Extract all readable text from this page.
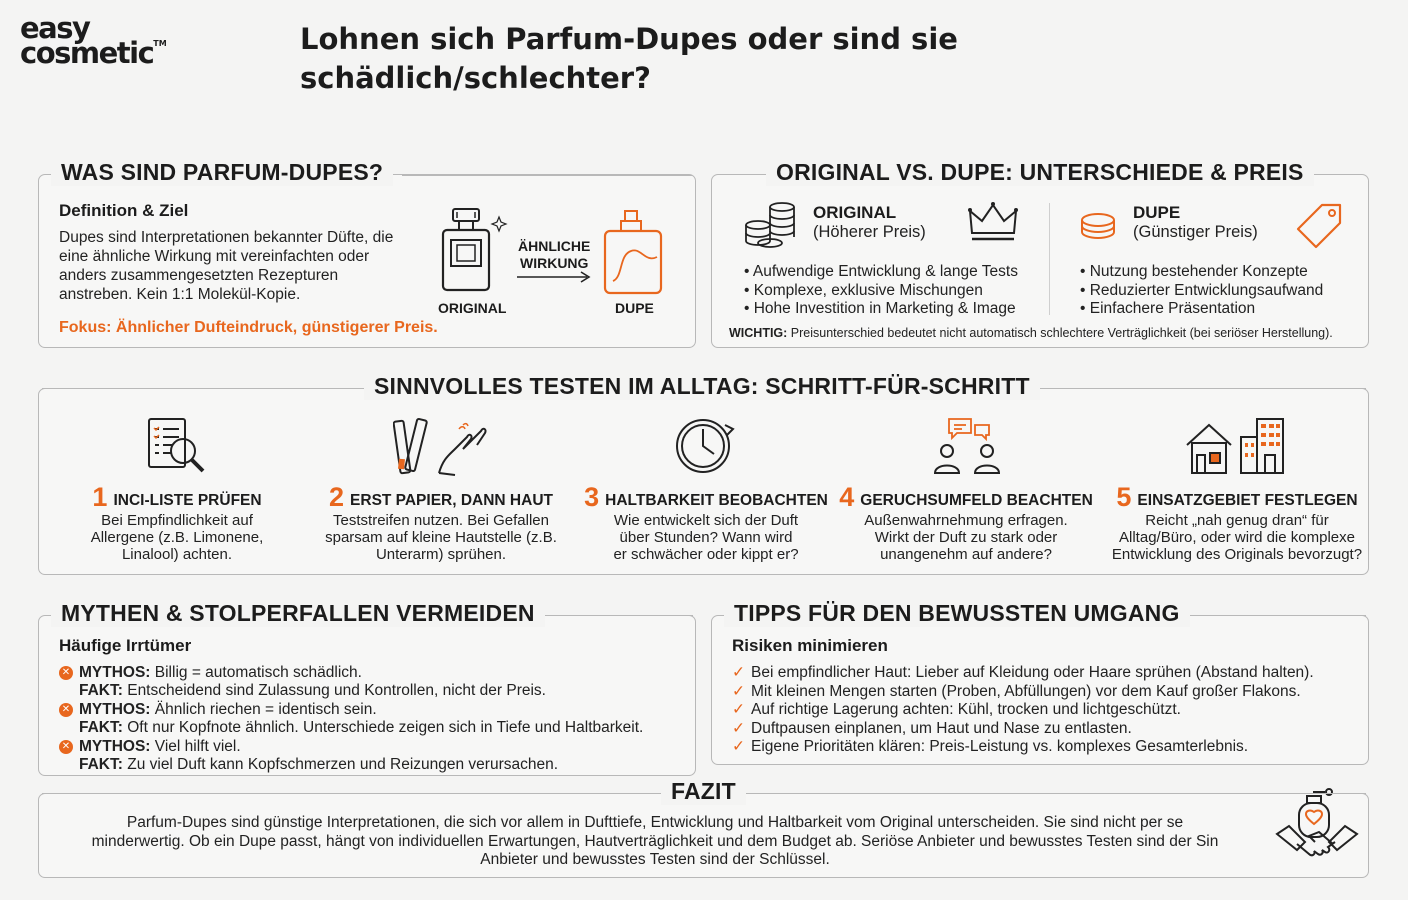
easy
cosmetic™	Lohnen sich Parfum-Dupes oder sind sie schädlich/schlechter?
WAS SIND PARFUM-DUPES?
Definition & Ziel
Dupes sind Interpretationen bekannter Düfte, die eine ähnliche Wirkung mit vereinfachten oder anders zusammengesetzten Rezepturen anstreben. Kein 1:1 Molekül-Kopie.
Fokus: Ähnlicher Dufteindruck, günstigerer Preis.
ÄHNLICHE
WIRKUNG
ORIGINAL	DUPE
ORIGINAL VS. DUPE: UNTERSCHIEDE & PREIS
ORIGINAL
(Höherer Preis)
• Aufwendige Entwicklung & lange Tests
• Komplexe, exklusive Mischungen
• Hohe Investition in Marketing & Image
DUPE
(Günstiger Preis)
• Nutzung bestehender Konzepte
• Reduzierter Entwicklungsaufwand
• Einfachere Präsentation
WICHTIG: Preisunterschied bedeutet nicht automatisch schlechtere Verträglichkeit (bei seriöser Herstellung).
SINNVOLLES TESTEN IM ALLTAG: SCHRITT-FÜR-SCHRITT
1 INCI-LISTE PRÜFEN
Bei Empfindlichkeit auf Allergene (z.B. Limonene, Linalool) achten.
2 ERST PAPIER, DANN HAUT
Teststreifen nutzen. Bei Gefallen sparsam auf kleine Hautstelle (z.B. Unterarm) sprühen.
3 HALTBARKEIT BEOBACHTEN
Wie entwickelt sich der Duft über Stunden? Wann wird er schwächer oder kippt er?
4 GERUCHSUMFELD BEACHTEN
Außenwahrnehmung erfragen. Wirkt der Duft zu stark oder unangenehm auf andere?
5 EINSATZGEBIET FESTLEGEN
Reicht „nah genug dran“ für Alltag/Büro, oder wird die komplexe Entwicklung des Originals bevorzugt?
MYTHEN & STOLPERFALLEN VERMEIDEN
Häufige Irrtümer
✕ MYTHOS: Billig = automatisch schädlich.
FAKT: Entscheidend sind Zulassung und Kontrollen, nicht der Preis.
✕ MYTHOS: Ähnlich riechen = identisch sein.
FAKT: Oft nur Kopfnote ähnlich. Unterschiede zeigen sich in Tiefe und Haltbarkeit.
✕ MYTHOS: Viel hilft viel.
FAKT: Zu viel Duft kann Kopfschmerzen und Reizungen verursachen.
TIPPS FÜR DEN BEWUSSTEN UMGANG
Risiken minimieren
✓ Bei empfindlicher Haut: Lieber auf Kleidung oder Haare sprühen (Abstand halten).
✓ Mit kleinen Mengen starten (Proben, Abfüllungen) vor dem Kauf großer Flakons.
✓ Auf richtige Lagerung achten: Kühl, trocken und lichtgeschützt.
✓ Duftpausen einplanen, um Haut und Nase zu entlasten.
✓ Eigene Prioritäten klären: Preis-Leistung vs. komplexes Gesamterlebnis.
FAZIT
Parfum-Dupes sind günstige Interpretationen, die sich vor allem in Dufttiefe, Entwicklung und Haltbarkeit vom Original unterscheiden. Sie sind nicht per se minderwertig. Ob ein Dupe passt, hängt von individuellen Erwartungen, Hautverträglichkeit und dem Budget ab. Seriöse Anbieter und bewusstes Testen sind der Sin Anbieter und bewusstes Testen sind der Schlüssel.
